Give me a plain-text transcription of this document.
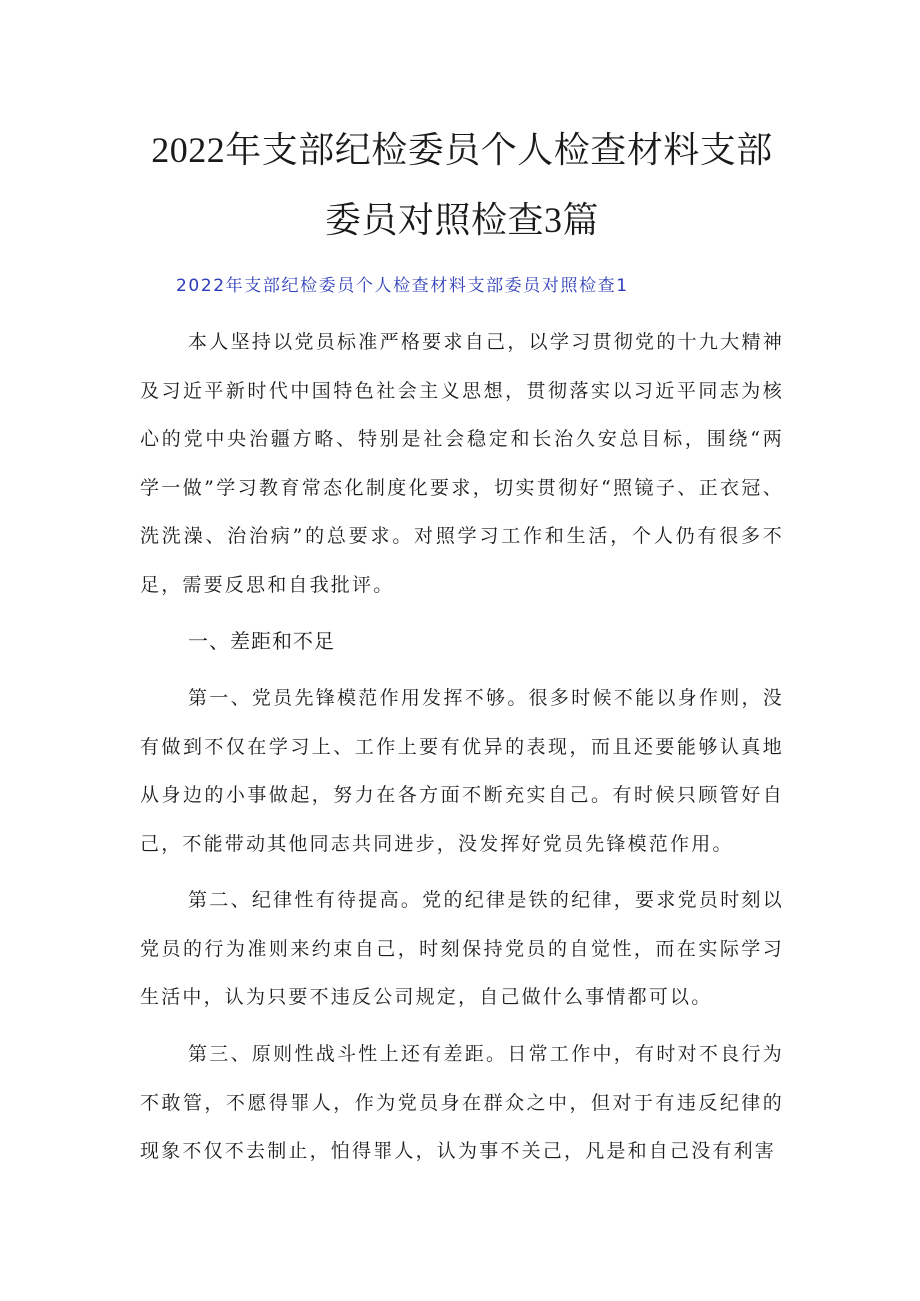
2022年支部纪检委员个人检查材料支部
委员对照检查3篇
2022年支部纪检委员个人检查材料支部委员对照检查1

本人坚持以党员标准严格要求自己，以学习贯彻党的十九大精神及习近平新时代中国特色社会主义思想，贯彻落实以习近平同志为核心的党中央治疆方略、特别是社会稳定和长治久安总目标，围绕“两学一做”学习教育常态化制度化要求，切实贯彻好“照镜子、正衣冠、洗洗澡、治治病”的总要求。对照学习工作和生活，个人仍有很多不足，需要反思和自我批评。

一、差距和不足

第一、党员先锋模范作用发挥不够。很多时候不能以身作则，没有做到不仅在学习上、工作上要有优异的表现，而且还要能够认真地从身边的小事做起，努力在各方面不断充实自己。有时候只顾管好自己，不能带动其他同志共同进步，没发挥好党员先锋模范作用。

第二、纪律性有待提高。党的纪律是铁的纪律，要求党员时刻以党员的行为准则来约束自己，时刻保持党员的自觉性，而在实际学习生活中，认为只要不违反公司规定，自己做什么事情都可以。

第三、原则性战斗性上还有差距。日常工作中，有时对不良行为不敢管，不愿得罪人，作为党员身在群众之中，但对于有违反纪律的现象不仅不去制止，怕得罪人，认为事不关己，凡是和自己没有利害
